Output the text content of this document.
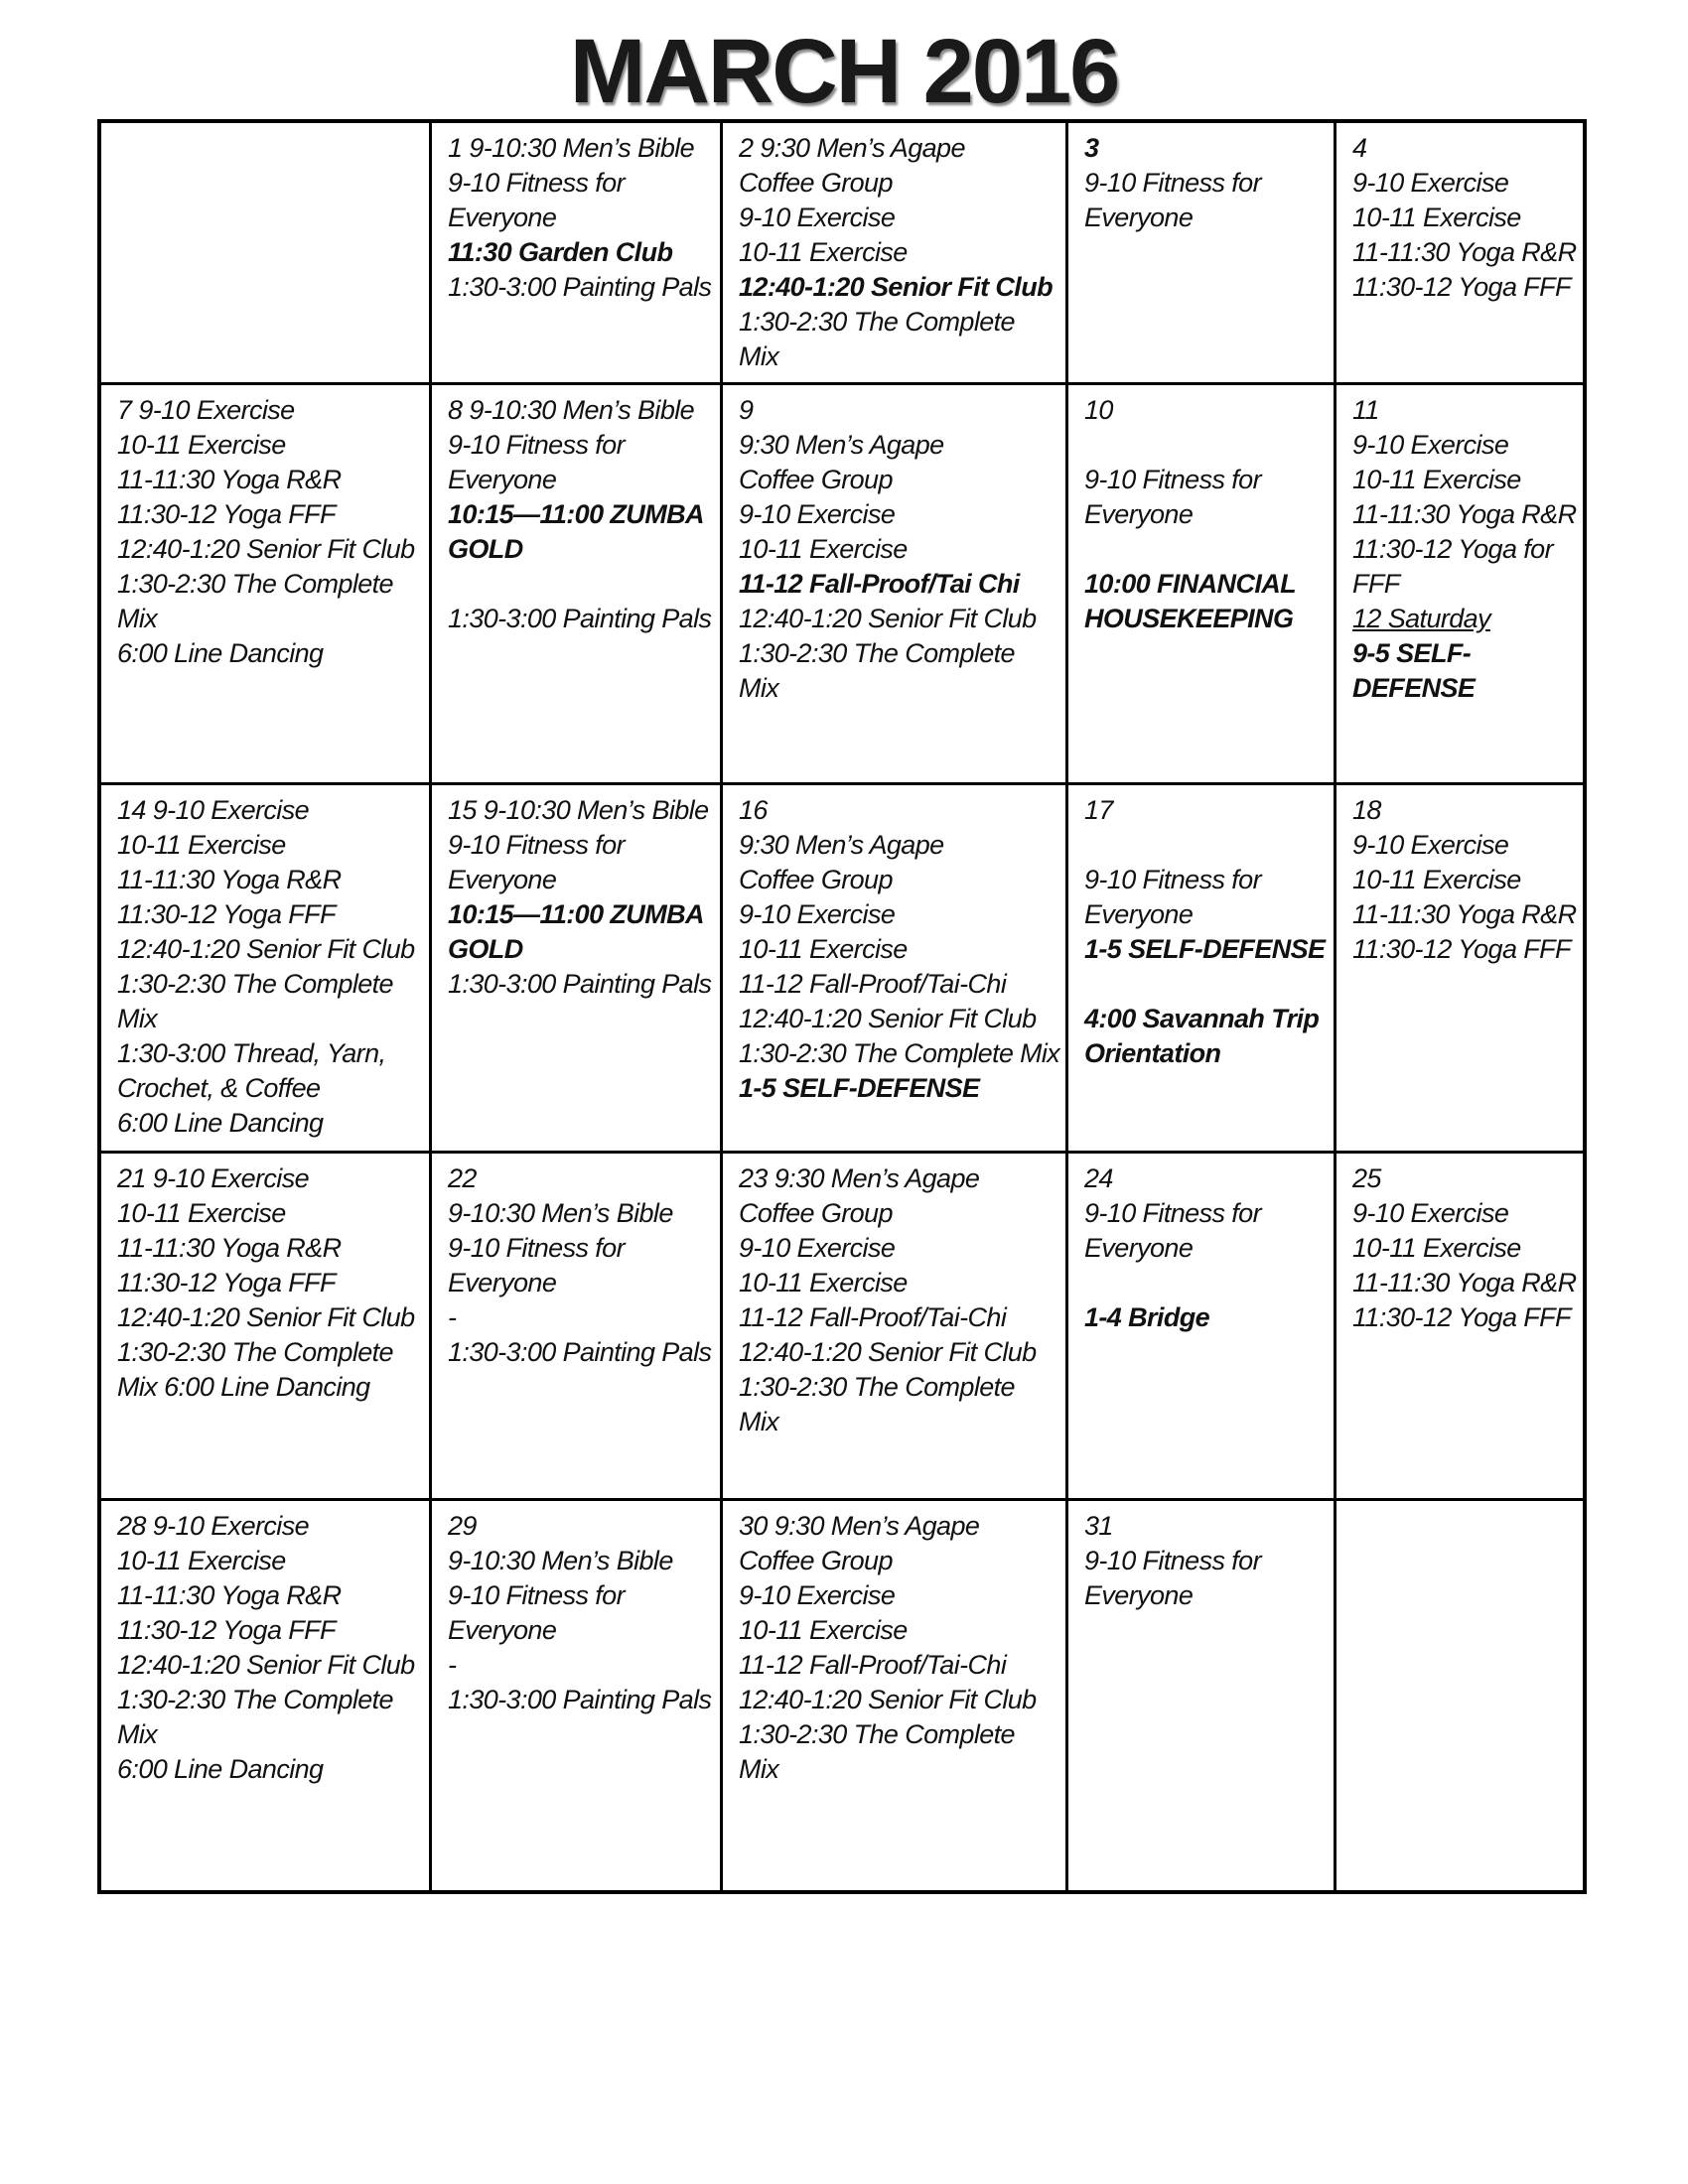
MARCH 2016
1 9-10:30 Men’s Bible
9-10 Fitness for
Everyone
11:30 Garden Club
1:30-3:00 Painting Pals
2 9:30 Men’s Agape
Coffee Group
9-10 Exercise
10-11 Exercise
12:40-1:20 Senior Fit Club
1:30-2:30 The Complete
Mix
3
9-10 Fitness for
Everyone
4
9-10 Exercise
10-11 Exercise
11-11:30 Yoga R&R
11:30-12 Yoga FFF
7 9-10 Exercise
10-11 Exercise
11-11:30 Yoga R&R
11:30-12 Yoga FFF
12:40-1:20 Senior Fit Club
1:30-2:30 The Complete
Mix
6:00 Line Dancing
8 9-10:30 Men’s Bible
9-10 Fitness for
Everyone
10:15—11:00 ZUMBA
GOLD
1:30-3:00 Painting Pals
9
9:30 Men’s Agape
Coffee Group
9-10 Exercise
10-11 Exercise
11-12 Fall-Proof/Tai Chi
12:40-1:20 Senior Fit Club
1:30-2:30 The Complete
Mix
10
9-10 Fitness for
Everyone
10:00 FINANCIAL
HOUSEKEEPING
11
9-10 Exercise
10-11 Exercise
11-11:30 Yoga R&R
11:30-12 Yoga for
FFF
12 Saturday
9-5 SELF-
DEFENSE
14 9-10 Exercise
10-11 Exercise
11-11:30 Yoga R&R
11:30-12 Yoga FFF
12:40-1:20 Senior Fit Club
1:30-2:30 The Complete
Mix
1:30-3:00 Thread, Yarn,
Crochet, & Coffee
6:00 Line Dancing
15 9-10:30 Men’s Bible
9-10 Fitness for
Everyone
10:15—11:00 ZUMBA
GOLD
1:30-3:00 Painting Pals
16
9:30 Men’s Agape
Coffee Group
9-10 Exercise
10-11 Exercise
11-12 Fall-Proof/Tai-Chi
12:40-1:20 Senior Fit Club
1:30-2:30 The Complete Mix
1-5 SELF-DEFENSE
17
9-10 Fitness for
Everyone
1-5 SELF-DEFENSE
4:00 Savannah Trip
Orientation
18
9-10 Exercise
10-11 Exercise
11-11:30 Yoga R&R
11:30-12 Yoga FFF
21 9-10 Exercise
10-11 Exercise
11-11:30 Yoga R&R
11:30-12 Yoga FFF
12:40-1:20 Senior Fit Club
1:30-2:30 The Complete
Mix 6:00 Line Dancing
22
9-10:30 Men’s Bible
9-10 Fitness for
Everyone
-
1:30-3:00 Painting Pals
23 9:30 Men’s Agape
Coffee Group
9-10 Exercise
10-11 Exercise
11-12 Fall-Proof/Tai-Chi
12:40-1:20 Senior Fit Club
1:30-2:30 The Complete
Mix
24
9-10 Fitness for
Everyone
1-4 Bridge
25
9-10 Exercise
10-11 Exercise
11-11:30 Yoga R&R
11:30-12 Yoga FFF
28 9-10 Exercise
10-11 Exercise
11-11:30 Yoga R&R
11:30-12 Yoga FFF
12:40-1:20 Senior Fit Club
1:30-2:30 The Complete
Mix
6:00 Line Dancing
29
9-10:30 Men’s Bible
9-10 Fitness for
Everyone
-
1:30-3:00 Painting Pals
30 9:30 Men’s Agape
Coffee Group
9-10 Exercise
10-11 Exercise
11-12 Fall-Proof/Tai-Chi
12:40-1:20 Senior Fit Club
1:30-2:30 The Complete
Mix
31
9-10 Fitness for
Everyone
